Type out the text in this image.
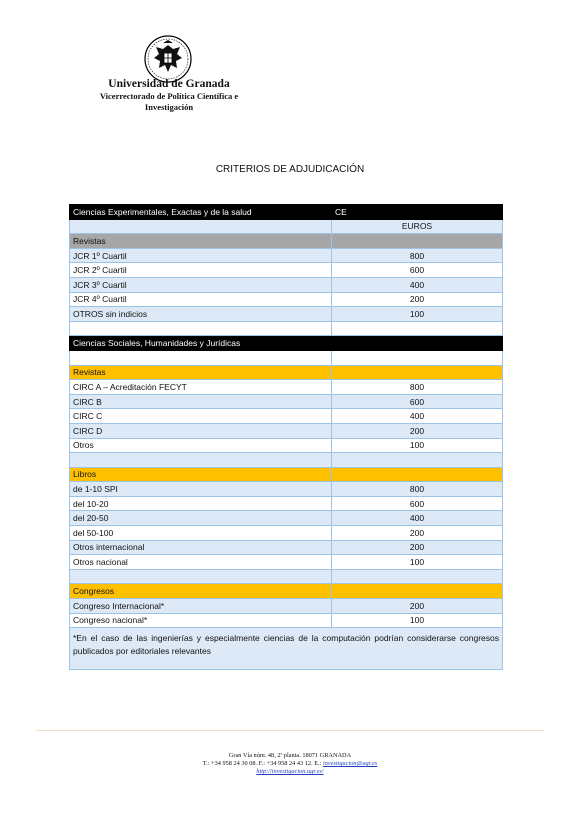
Universidad de Granada
Vicerrectorado de Política Científica e
Investigación
CRITERIOS DE ADJUDICACIÓN
Ciencias Experimentales, Exactas y de la salud	CE
	EUROS
Revistas	
JCR 1º Cuartil	800
JCR 2º Cuartil	600
JCR 3º Cuartil	400
JCR 4º Cuartil	200
OTROS sin indicios	100

Ciencias Sociales, Humanidades y Jurídicas	

Revistas	
CIRC A – Acreditación FECYT	800
CIRC B	600
CIRC C	400
CIRC D	200
Otros	100

Libros	
de 1-10 SPI	800
del 10-20	600
del 20-50	400
del 50-100	200
Otros internacional	200
Otros nacional	100

Congresos	
Congreso Internacional*	200
Congreso nacional*	100
*En el caso de las ingenierías y especialmente ciencias de la computación podrían considerarse congresos publicados por editoriales relevantes	
Gran Vía núm. 48, 2ª planta. 18071 GRANADA
T.: +34 958 24 30 08. F.: +34 958 24 43 12. E.: investigacion@ugr.es
http://investigacion.ugr.es/
